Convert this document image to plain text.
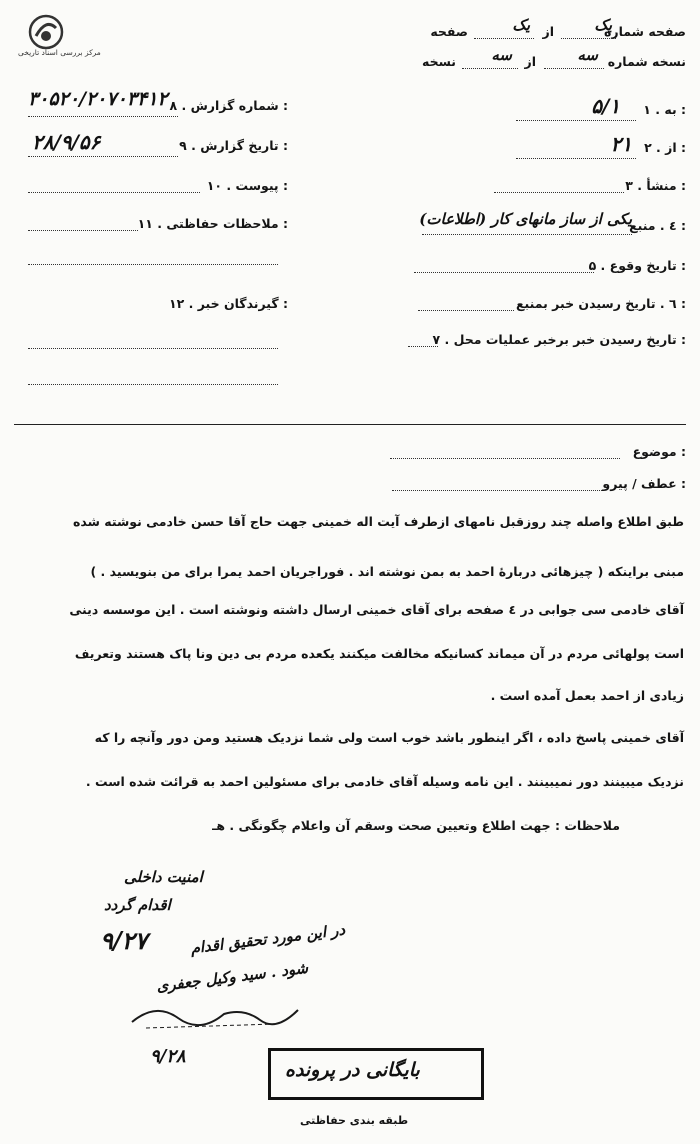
مرکز بررسی اسناد تاریخی
صفحه شماره
یک
از
یک
صفحه
نسخه شماره
سه
از
سه
نسخه
۱ . به :
۵/۱
۲ . از :
۲۱
۳ . منشأ :
٤ . منبع :
یکی از ساز مانهای کار (اطلاعات)
۵ . تاریخ وقوع :
٦ . تاریخ رسیدن خبر بمنبع :
۷ . تاریخ رسیدن خبر برخبر عملیات محل :
۸ . شماره گزارش :
۳۰۵۲۰/۲۰۷۰۳۴۱۲
۹ . تاریخ گزارش :
۲۸/۹/۵۶
۱۰ . پیوست :
۱۱ . ملاحظات حفاظتی :
۱۲ . گیرندگان خبر :
موضوع :
عطف / پیرو :
طبق اطلاع واصله چند روزقبل نامهای ازطرف آیت اله خمینی جهت حاج آقا حسن خادمی نوشته شده
مبنی براینکه ( چیزهائی دربارۀ احمد به بمن نوشته اند . فوراجریان احمد یمرا برای من بنویسید . )
آقای خادمی سی جوابی در ٤ صفحه برای آقای خمینی ارسال داشته ونوشته است . این موسسه دینی
است پولهائی مردم در آن میماند کسانیکه مخالفت میکنند یکعده مردم بی دین ونا پاک هستند وتعریف
زیادی از احمد بعمل آمده است .
آقای خمینی پاسخ داده ، اگر اینطور باشد خوب است ولی شما نزدیک هستید ومن دور وآنچه را که
نزدیک میبینند دور نمیبینند . این نامه وسیله آقای خادمی برای مسئولین احمد به قرائت شده است .
ملاحظات : جهت اطلاع وتعیین صحت وسقم آن واعلام چگونگی . هـ
امنیت داخلی
اقدام گردد
۹/۲۷	در این مورد تحقیق اقدام
شود . سید وکیل جعفری
۹/۲۸
بایگانی در پرونده
طبقه بندی حفاظتی
